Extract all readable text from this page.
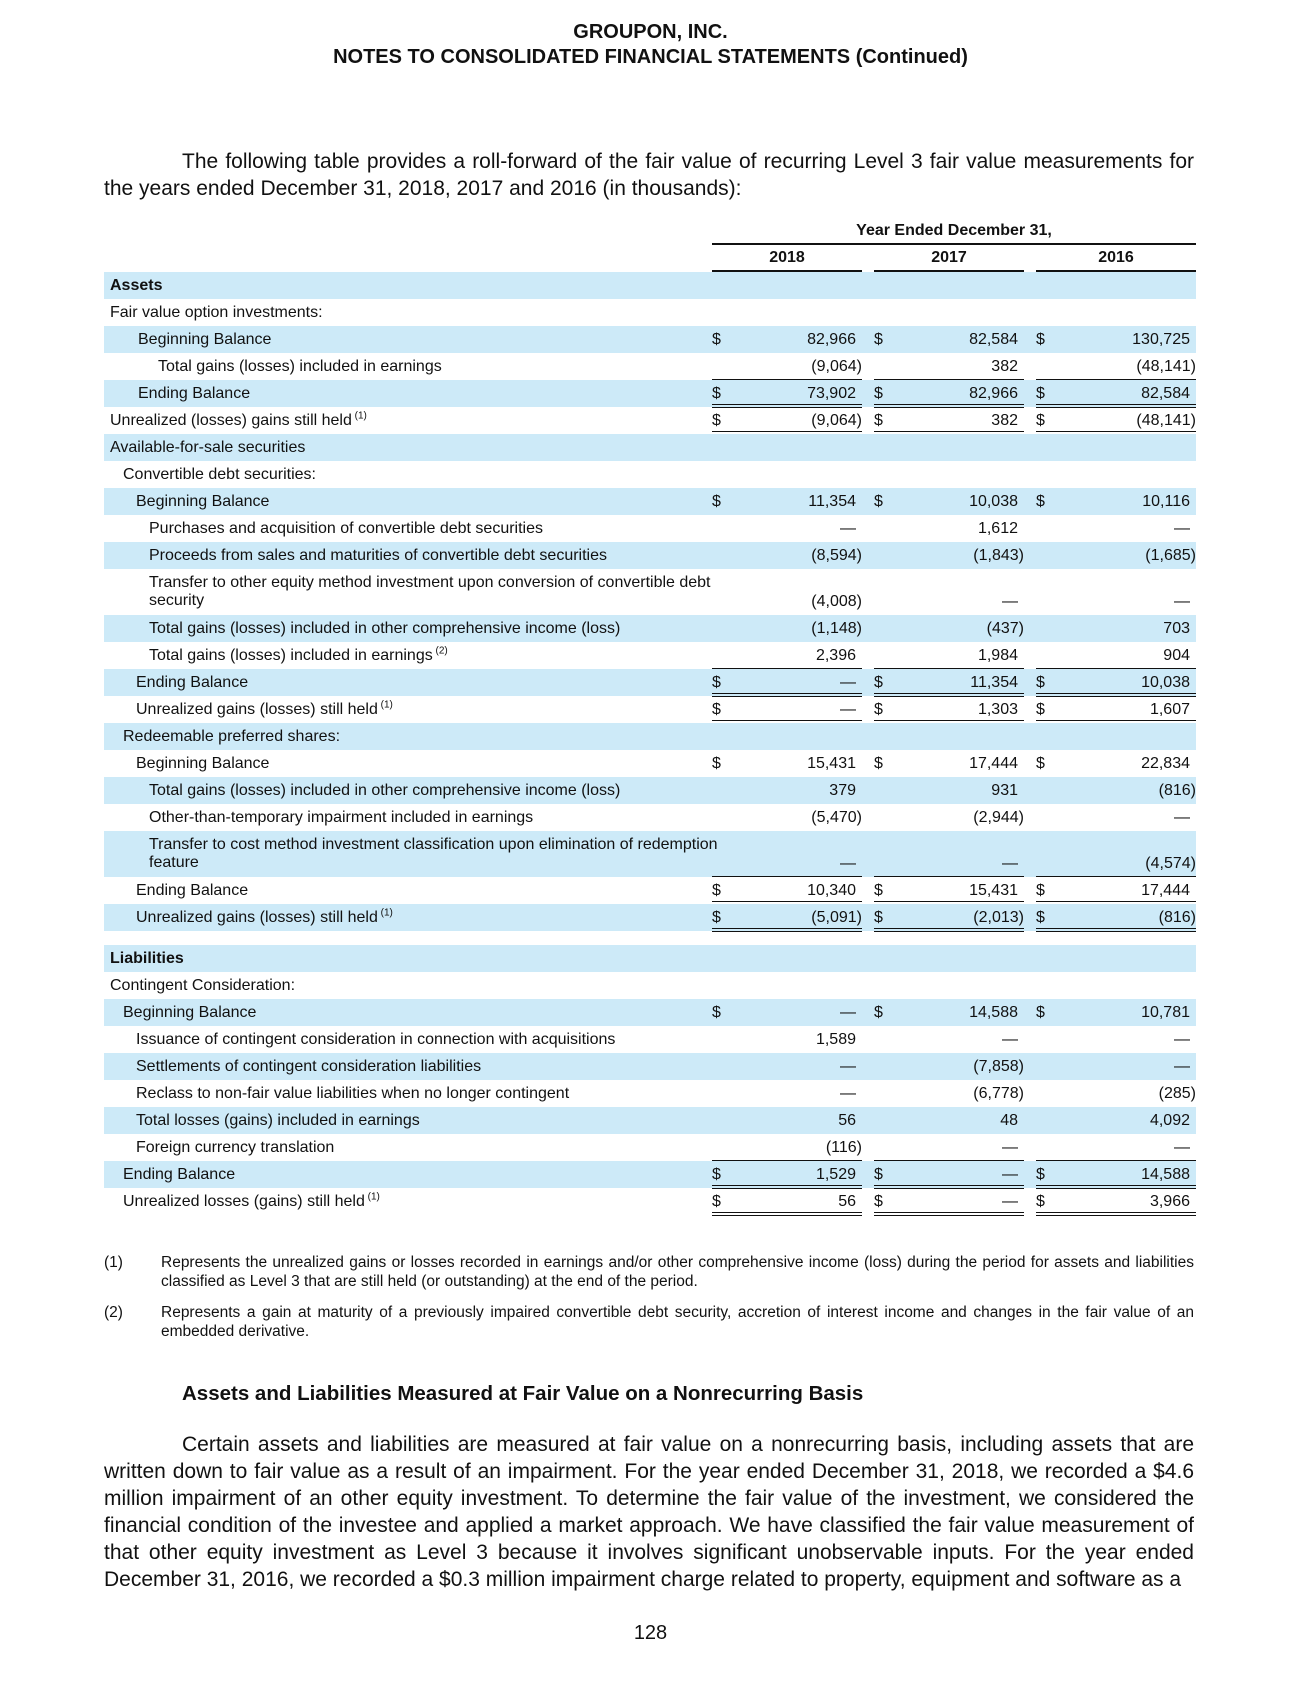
GROUPON, INC.
NOTES TO CONSOLIDATED FINANCIAL STATEMENTS (Continued)
The following table provides a roll-forward of the fair value of recurring Level 3 fair value measurements for the years ended December 31, 2018, 2017 and 2016 (in thousands):
Year Ended December 31,
2018	2017	2016
Assets
Fair value option investments:
Beginning Balance	$	82,966 $	82,584 $	130,725
Total gains (losses) included in earnings	(9,064)	382	(48,141)
Ending Balance	$	73,902 $	82,966 $	82,584
Unrealized (losses) gains still held $^{(1)}$	$	(9,064) $	382 $	(48,141)
Available-for-sale securities
Convertible debt securities:
Beginning Balance	$	11,354 $	10,038 $	10,116
Purchases and acquisition of convertible debt securities	—	1,612	—
Proceeds from sales and maturities of convertible debt securities	(8,594)	(1,843)	(1,685)
Transfer to other equity method investment upon conversion of convertible debt security	(4,008)	—	—
Total gains (losses) included in other comprehensive income (loss)	(1,148)	(437)	703
Total gains (losses) included in earnings $^{(2)}$	2,396	1,984	904
Ending Balance	$	— $	11,354 $	10,038
Unrealized gains (losses) still held $^{(1)}$	$	— $	1,303 $	1,607
Redeemable preferred shares:
Beginning Balance	$	15,431 $	17,444 $	22,834
Total gains (losses) included in other comprehensive income (loss)	379	931	(816)
Other-than-temporary impairment included in earnings	(5,470)	(2,944)	—
Transfer to cost method investment classification upon elimination of redemption feature	—	—	(4,574)
Ending Balance	$	10,340 $	15,431 $	17,444
Unrealized gains (losses) still held $^{(1)}$	$	(5,091) $	(2,013) $	(816)
Liabilities
Contingent Consideration:
Beginning Balance	$	— $	14,588 $	10,781
Issuance of contingent consideration in connection with acquisitions	1,589	—	—
Settlements of contingent consideration liabilities	—	(7,858)	—
Reclass to non-fair value liabilities when no longer contingent	—	(6,778)	(285)
Total losses (gains) included in earnings	56	48	4,092
Foreign currency translation	(116)	—	—
Ending Balance	$	1,529 $	— $	14,588
Unrealized losses (gains) still held $^{(1)}$	$	56 $	— $	3,966
(1) Represents the unrealized gains or losses recorded in earnings and/or other comprehensive income (loss) during the period for assets and liabilities classified as Level 3 that are still held (or outstanding) at the end of the period.
(2) Represents a gain at maturity of a previously impaired convertible debt security, accretion of interest income and changes in the fair value of an embedded derivative.
Assets and Liabilities Measured at Fair Value on a Nonrecurring Basis
Certain assets and liabilities are measured at fair value on a nonrecurring basis, including assets that are written down to fair value as a result of an impairment. For the year ended December 31, 2018, we recorded a $4.6 million impairment of an other equity investment. To determine the fair value of the investment, we considered the financial condition of the investee and applied a market approach. We have classified the fair value measurement of that other equity investment as Level 3 because it involves significant unobservable inputs. For the year ended December 31, 2016, we recorded a $0.3 million impairment charge related to property, equipment and software as a
128
